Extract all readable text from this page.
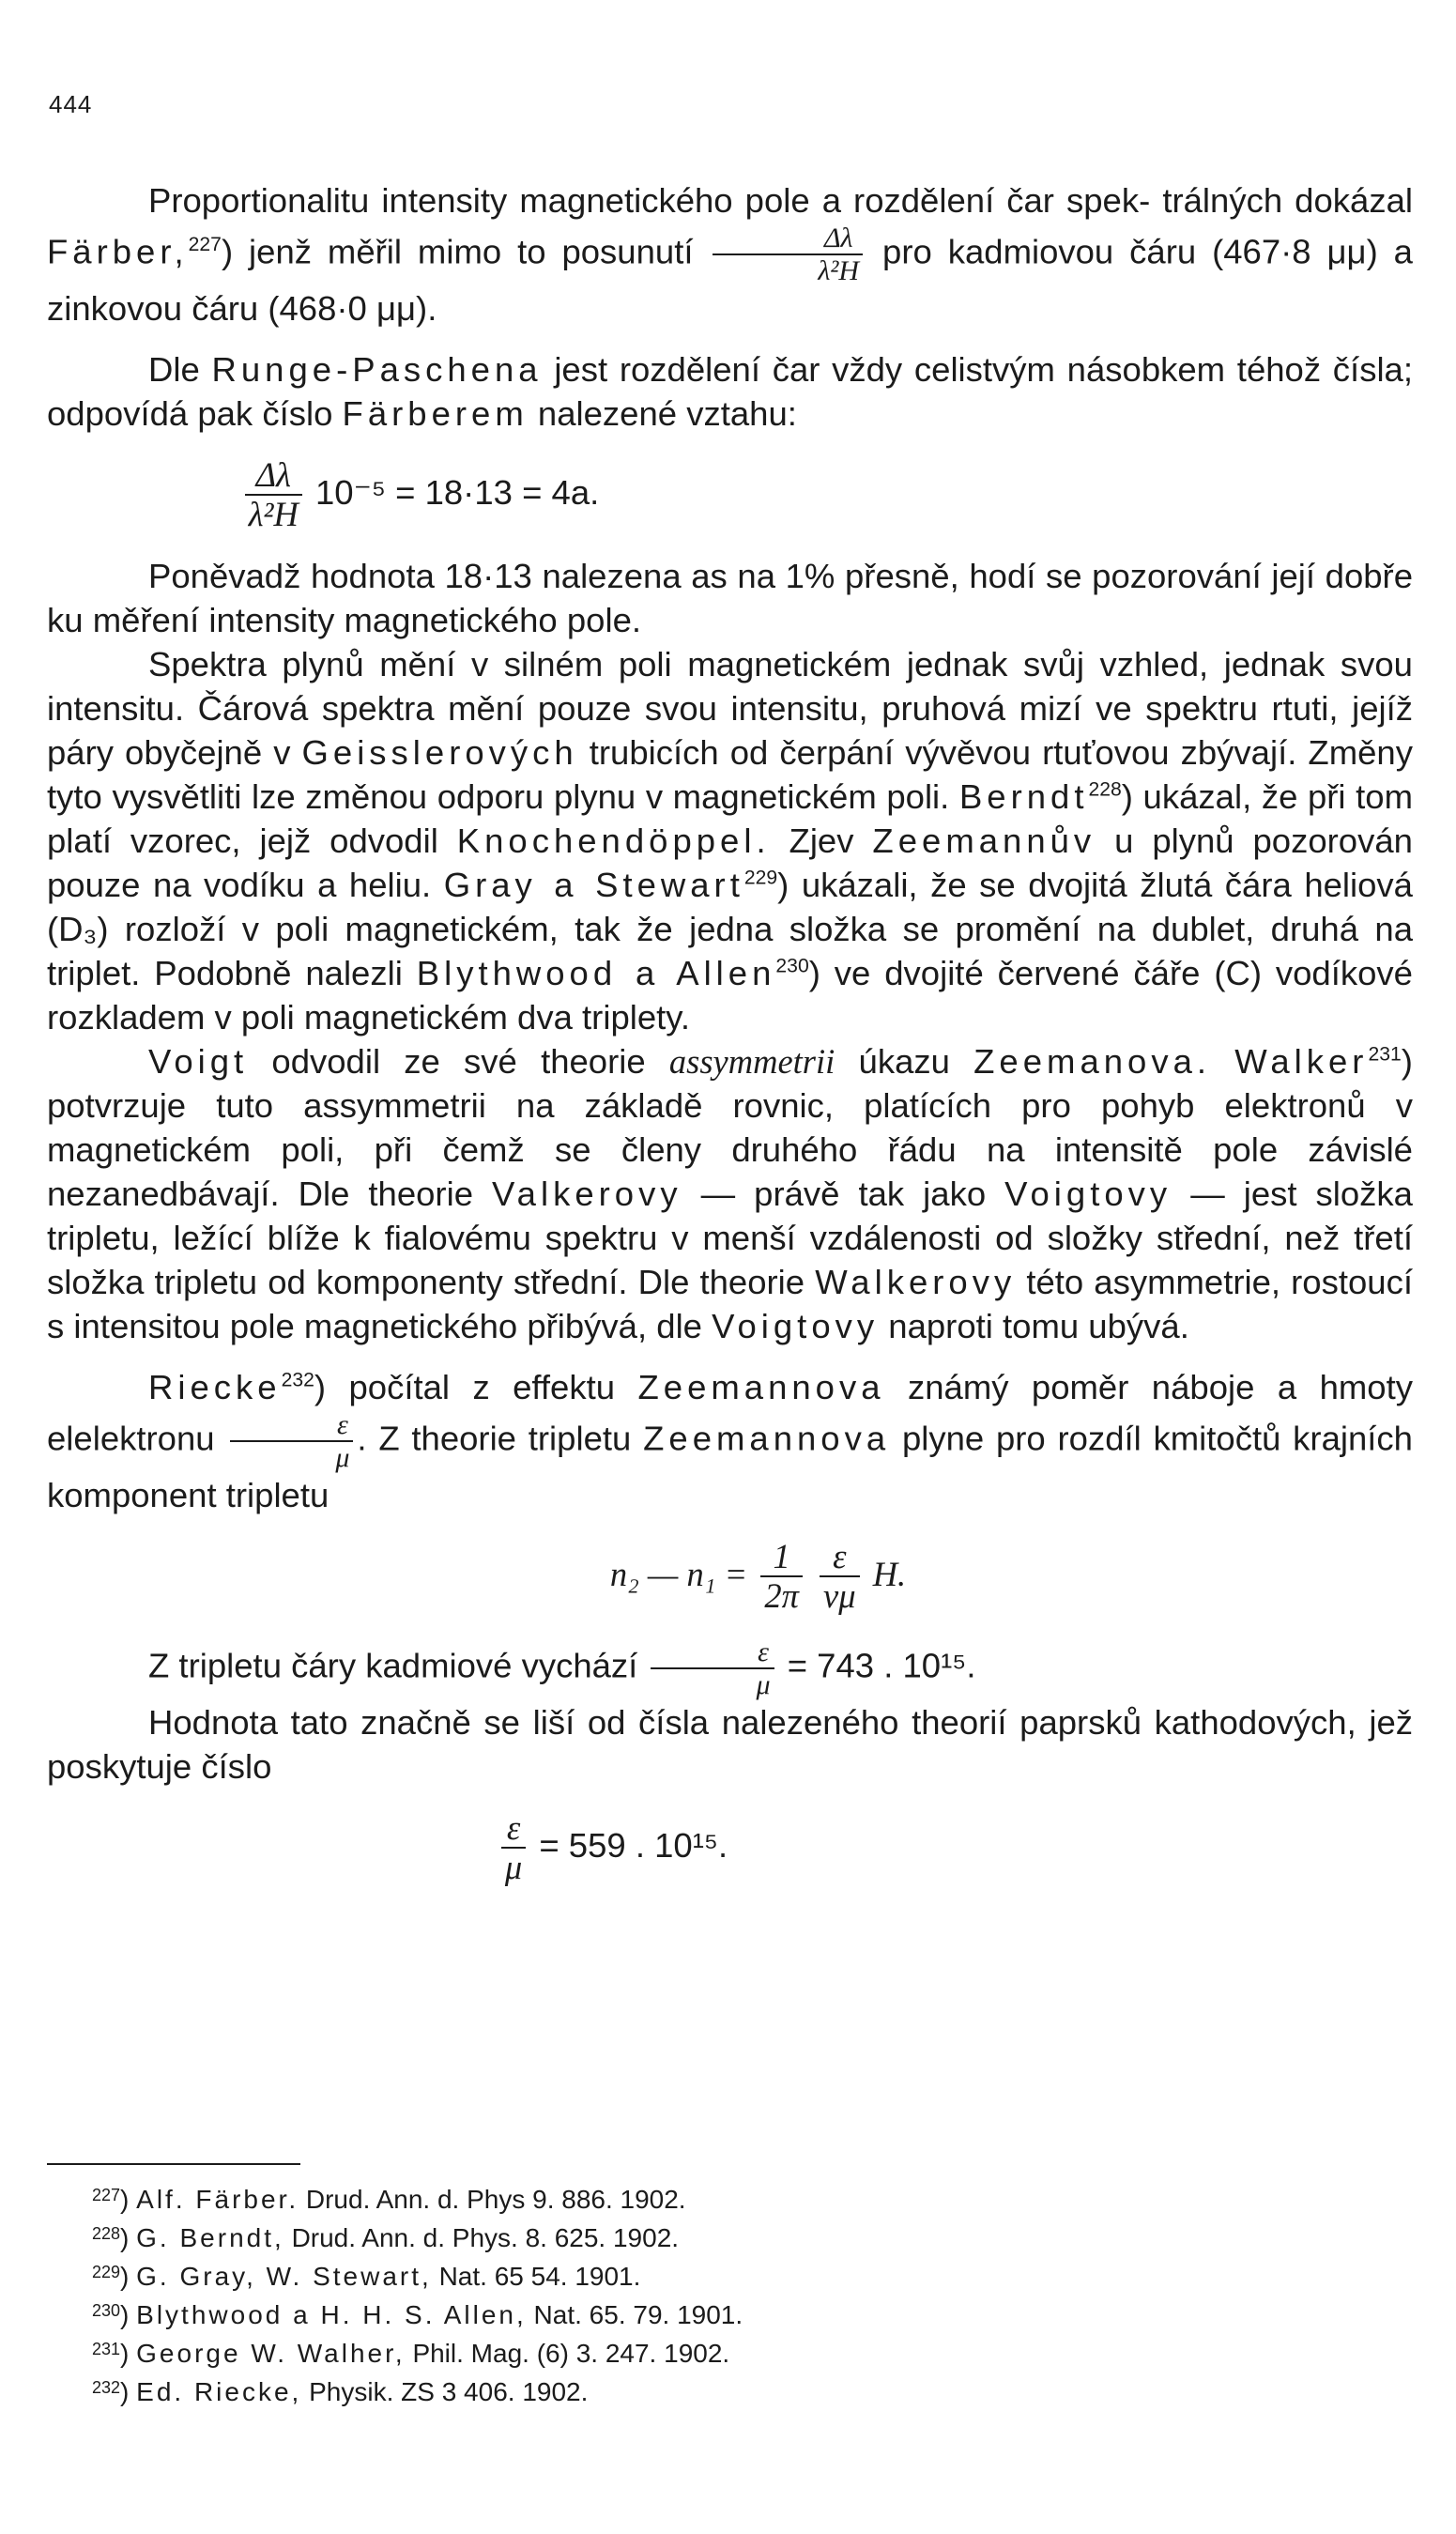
444

Proportionalitu intensity magnetického pole a rozdělení čar spek- trálných dokázal Färber,$^{227}$) jenž měřil mimo to posunutí $\frac{\Delta\lambda}{\text{λ²H}}$ pro kadmiovou čáru (467·8 μμ) a zinkovou čáru (468·0 μμ).

Dle Runge-Paschena jest rozdělení čar vždy celistvým násobkem téhož čísla; odpovídá pak číslo Färberem nalezené vztahu:

$\frac{\Delta\lambda}{\text{λ²H}} 10^{-5} = 18\cdot 13 = 4a$.

Poněvadž hodnota 18·13 nalezena as na 1% přesně, hodí se pozorování její dobře ku měření intensity magnetického pole.

Spektra plynů mění v silném poli magnetickém jednak svůj vzhled, jednak svou intensitu. Čárová spektra mění pouze svou intensitu, pruhová mizí ve spektru rtuti, jejíž páry obyčejně v Geisslerových trubicích od čerpání vývěvou rtuťovou zbývají. Změny tyto vysvětliti lze změnou odporu plynu v magnetickém poli. Berndt$^{228}$) ukázal, že při tom platí vzorec, jejž odvodil Knochendöppel. Zjev Zeemannův u plynů pozorován pouze na vodíku a heliu. Gray a Stewart$^{229}$) ukázali, že se dvojitá žlutá čára heliová (D₃) rozloží v poli magnetickém, tak že jedna složka se promění na dublet, druhá na triplet. Podobně nalezli Blythwood a Allen$^{230}$) ve dvojité červené čáře (C) vodíkové rozkladem v poli magnetickém dva triplety.

Voigt odvodil ze své theorie assymmetrii úkazu Zeemanova. Walker$^{231}$) potvrzuje tuto assymmetrii na základě rovnic, platících pro pohyb elektronů v magnetickém poli, při čemž se členy druhého řádu na intensitě pole závislé nezanedbávají. Dle theorie Valkerovy — právě tak jako Voigtovy — jest složka tripletu, ležící blíže k fialovému spektru v menší vzdálenosti od složky střední, než třetí složka tripletu od komponenty střední. Dle theorie Walkerovy této asymmetrie, rostoucí s intensitou pole magnetického přibývá, dle Voigtovy naproti tomu ubývá.

Riecke$^{232}$) počítal z effektu Zeemannova známý poměr náboje a hmoty elelektronu $\frac{\varepsilon}{\mu}$ . Z theorie tripletu Zeemannova plyne pro rozdíl kmitočtů krajních komponent tripletu

n₂ — $n_1 = \frac{1}{2\pi}$
$\frac{\varepsilon}{v\mu} H$.

Z tripletu čáry kadmiové vychází $\frac{\varepsilon}{\mu} = 743$ . 10¹⁵.

Hodnota tato značně se liší od čísla nalezeného theorií paprsků kathodových, jež poskytuje číslo

$\frac{\varepsilon}{\mu} = 559$ . 10¹⁵.

$^{227}$) Alf. Färber. Drud. Ann. d. Phys 9. 886. 1902.
$^{228}$) G. Berndt, Drud. Ann. d. Phys. 8. 625. 1902.
$^{229}$) G. Gray, W. Stewart, Nat. 65 54. 1901.
$^{230}$) Blythwood a H. H. S. Allen, Nat. 65. 79. 1901.
$^{231}$) George W. Walher, Phil. Mag. (6) 3. 247. 1902.
$^{232}$) Ed. Riecke, Physik. ZS 3 406. 1902.
